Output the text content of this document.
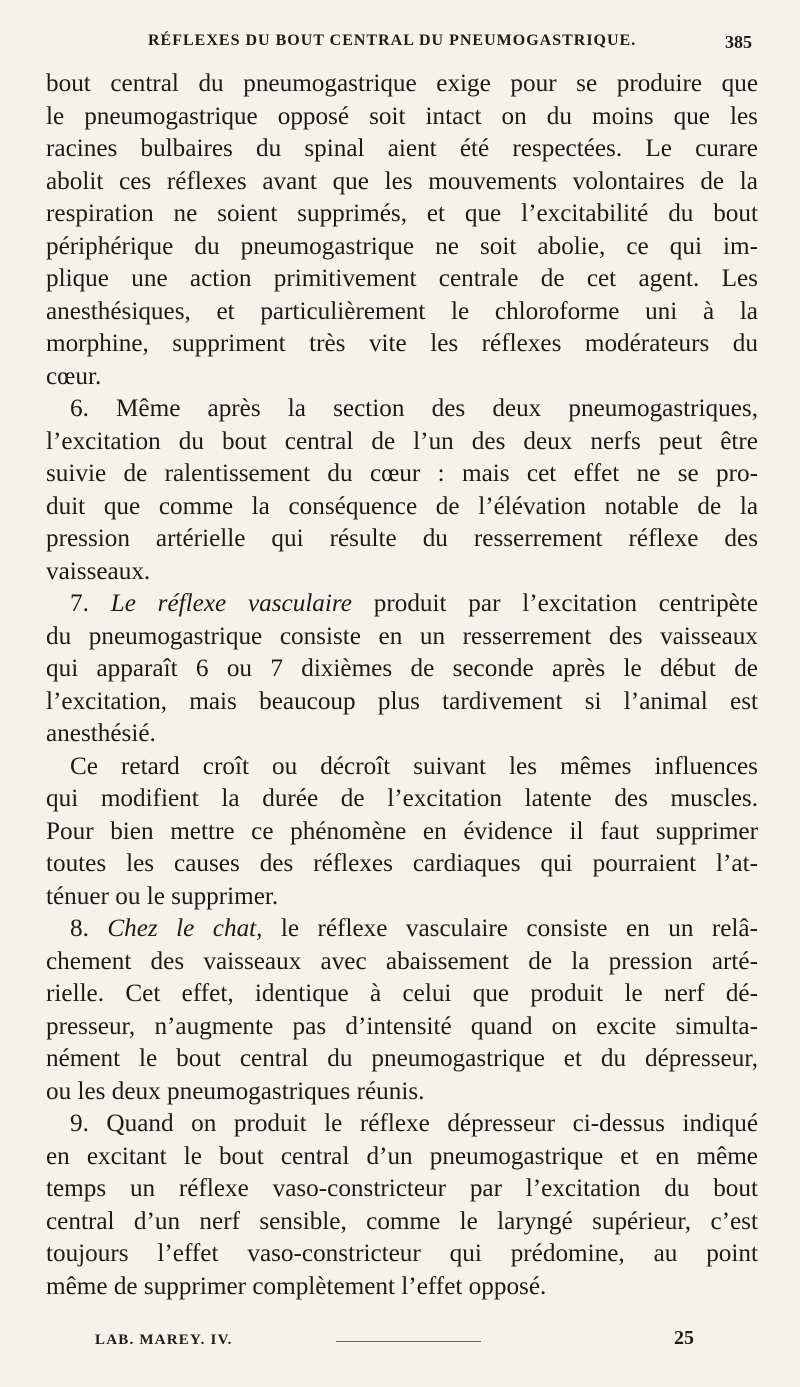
RÉFLEXES DU BOUT CENTRAL DU PNEUMOGASTRIQUE.	385

bout central du pneumogastrique exige pour se produire que
le pneumogastrique opposé soit intact on du moins que les
racines bulbaires du spinal aient été respectées. Le curare
abolit ces réflexes avant que les mouvements volontaires de la
respiration ne soient supprimés, et que l’excitabilité du bout
périphérique du pneumogastrique ne soit abolie, ce qui im-
plique une action primitivement centrale de cet agent. Les
anesthésiques, et particulièrement le chloroforme uni à la
morphine, suppriment très vite les réflexes modérateurs du
cœur.

6. Même après la section des deux pneumogastriques,
l’excitation du bout central de l’un des deux nerfs peut être
suivie de ralentissement du cœur : mais cet effet ne se pro-
duit que comme la conséquence de l’élévation notable de la
pression artérielle qui résulte du resserrement réflexe des
vaisseaux.

7. Le réflexe vasculaire produit par l’excitation centripète
du pneumogastrique consiste en un resserrement des vaisseaux
qui apparaît 6 ou 7 dixièmes de seconde après le début de
l’excitation, mais beaucoup plus tardivement si l’animal est
anesthésié.

Ce retard croît ou décroît suivant les mêmes influences
qui modifient la durée de l’excitation latente des muscles.
Pour bien mettre ce phénomène en évidence il faut supprimer
toutes les causes des réflexes cardiaques qui pourraient l’at-
ténuer ou le supprimer.

8. Chez le chat, le réflexe vasculaire consiste en un relâ-
chement des vaisseaux avec abaissement de la pression arté-
rielle. Cet effet, identique à celui que produit le nerf dé-
presseur, n’augmente pas d’intensité quand on excite simulta-
nément le bout central du pneumogastrique et du dépresseur,
ou les deux pneumogastriques réunis.

9. Quand on produit le réflexe dépresseur ci-dessus indiqué
en excitant le bout central d’un pneumogastrique et en même
temps un réflexe vaso-constricteur par l’excitation du bout
central d’un nerf sensible, comme le laryngé supérieur, c’est
toujours l’effet vaso-constricteur qui prédomine, au point
même de supprimer complètement l’effet opposé.

LAB. MAREY. IV.	25
